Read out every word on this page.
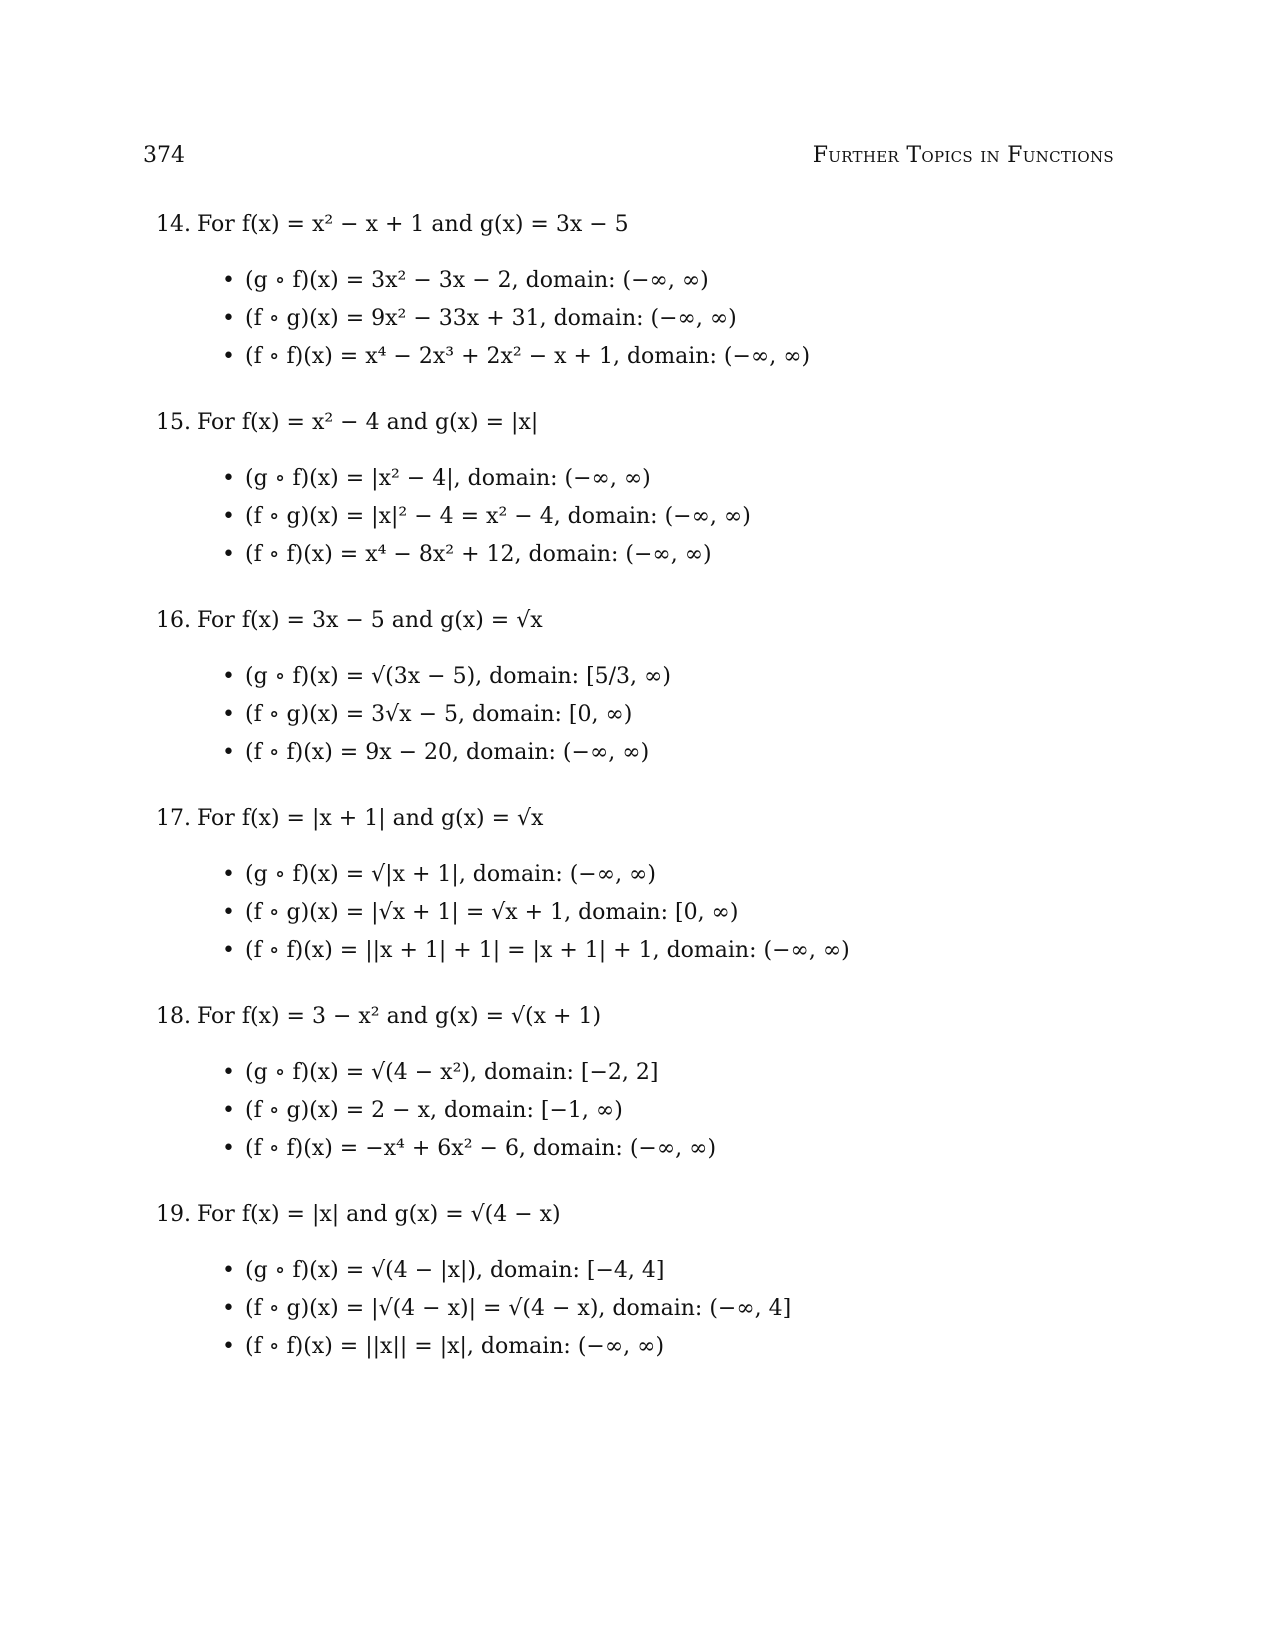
374	Further Topics in Functions
14. For f(x) = x² − x + 1 and g(x) = 3x − 5
• (g ∘ f)(x) = 3x² − 3x − 2, domain: (−∞, ∞)
• (f ∘ g)(x) = 9x² − 33x + 31, domain: (−∞, ∞)
• (f ∘ f)(x) = x⁴ − 2x³ + 2x² − x + 1, domain: (−∞, ∞)
15. For f(x) = x² − 4 and g(x) = |x|
• (g ∘ f)(x) = |x² − 4|, domain: (−∞, ∞)
• (f ∘ g)(x) = |x|² − 4 = x² − 4, domain: (−∞, ∞)
• (f ∘ f)(x) = x⁴ − 8x² + 12, domain: (−∞, ∞)
16. For f(x) = 3x − 5 and g(x) = √x
• (g ∘ f)(x) = √(3x − 5), domain: [5/3, ∞)
• (f ∘ g)(x) = 3√x − 5, domain: [0, ∞)
• (f ∘ f)(x) = 9x − 20, domain: (−∞, ∞)
17. For f(x) = |x + 1| and g(x) = √x
• (g ∘ f)(x) = √|x + 1|, domain: (−∞, ∞)
• (f ∘ g)(x) = |√x + 1| = √x + 1, domain: [0, ∞)
• (f ∘ f)(x) = ||x + 1| + 1| = |x + 1| + 1, domain: (−∞, ∞)
18. For f(x) = 3 − x² and g(x) = √(x + 1)
• (g ∘ f)(x) = √(4 − x²), domain: [−2, 2]
• (f ∘ g)(x) = 2 − x, domain: [−1, ∞)
• (f ∘ f)(x) = −x⁴ + 6x² − 6, domain: (−∞, ∞)
19. For f(x) = |x| and g(x) = √(4 − x)
• (g ∘ f)(x) = √(4 − |x|), domain: [−4, 4]
• (f ∘ g)(x) = |√(4 − x)| = √(4 − x), domain: (−∞, 4]
• (f ∘ f)(x) = ||x|| = |x|, domain: (−∞, ∞)
